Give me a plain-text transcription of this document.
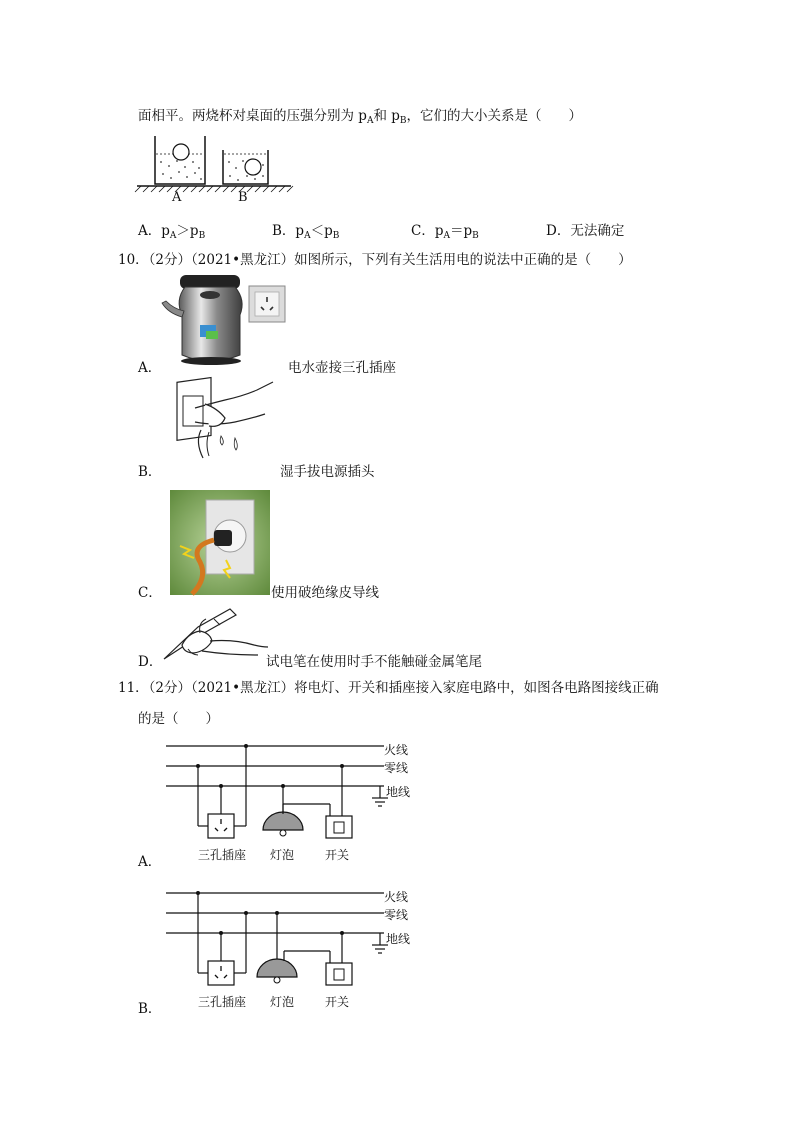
面相平。两烧杯对桌面的压强分别为 $p_A$和 $p_B$，它们的大小关系是（　　）
A	B
A．$p_A>p_B$	B．$p_A<p_B$	C．$p_A=p_B$	D．无法确定
10．（2分）（2021•黑龙江）如图所示，下列有关生活用电的说法中正确的是（　　）
A．	电水壶接三孔插座
B．	湿手拔电源插头
C．	使用破绝缘皮导线
D．	试电笔在使用时手不能触碰金属笔尾
11．（2分）（2021•黑龙江）将电灯、开关和插座接入家庭电路中，如图各电路图接线正确
的是（　　）
火线
零线
地线
三孔插座 灯泡	开关
A．
火线
零线
地线
三孔插座 灯泡	开关
B．
